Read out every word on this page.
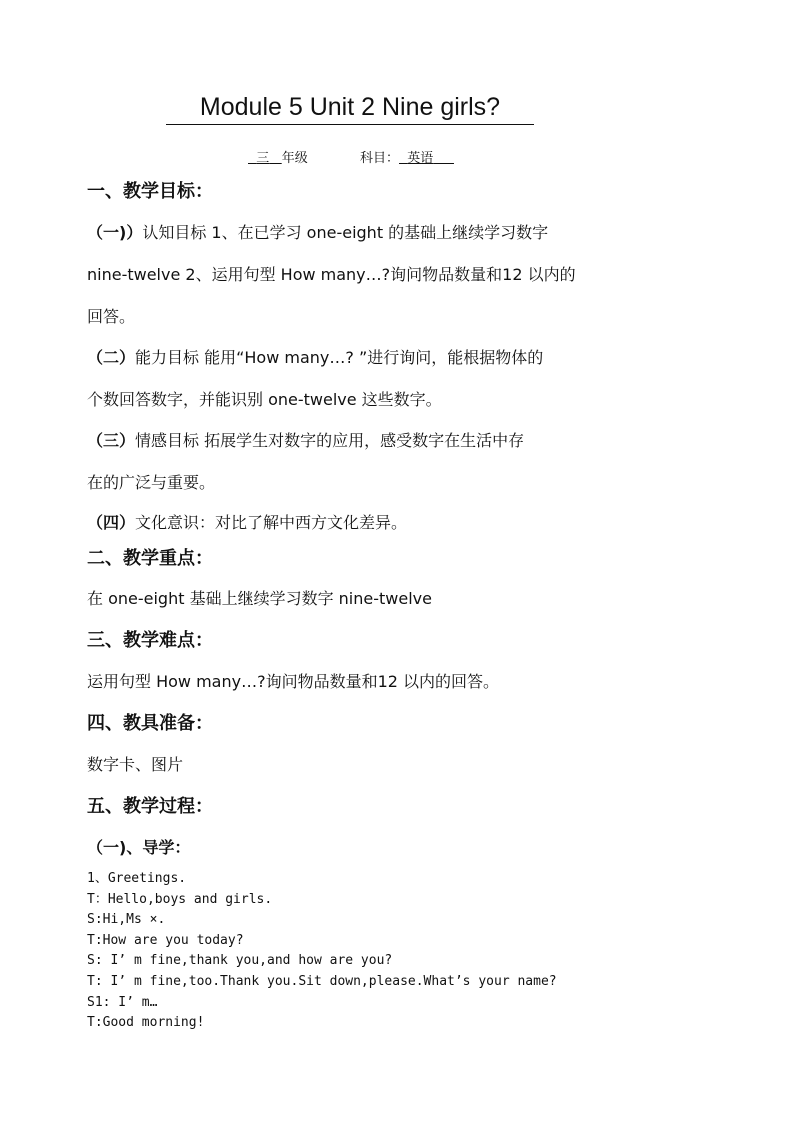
Module 5 Unit 2 Nine girls?
三 年级	科目： 英语
一、教学目标：
（一)）认知目标 1、在已学习 one-eight 的基础上继续学习数字
nine-twelve 2、运用句型 How many…?询问物品数量和12 以内的
回答。
（二）能力目标 能用“How many…? ”进行询问，能根据物体的
个数回答数字，并能识别 one-twelve 这些数字。
（三）情感目标 拓展学生对数字的应用，感受数字在生活中存
在的广泛与重要。
（四）文化意识：对比了解中西方文化差异。
二、教学重点：
在 one-eight 基础上继续学习数字 nine-twelve
三、教学难点：
运用句型 How many…?询问物品数量和12 以内的回答。
四、教具准备：
数字卡、图片
五、教学过程：
（一)、导学：
1、Greetings.
T：Hello,boys and girls.
S:Hi,Ms ×.
T:How are you today?
S: I’ m fine,thank you,and how are you?
T: I’ m fine,too.Thank you.Sit down,please.What’s your name?
S1: I’ m…
T:Good morning!
